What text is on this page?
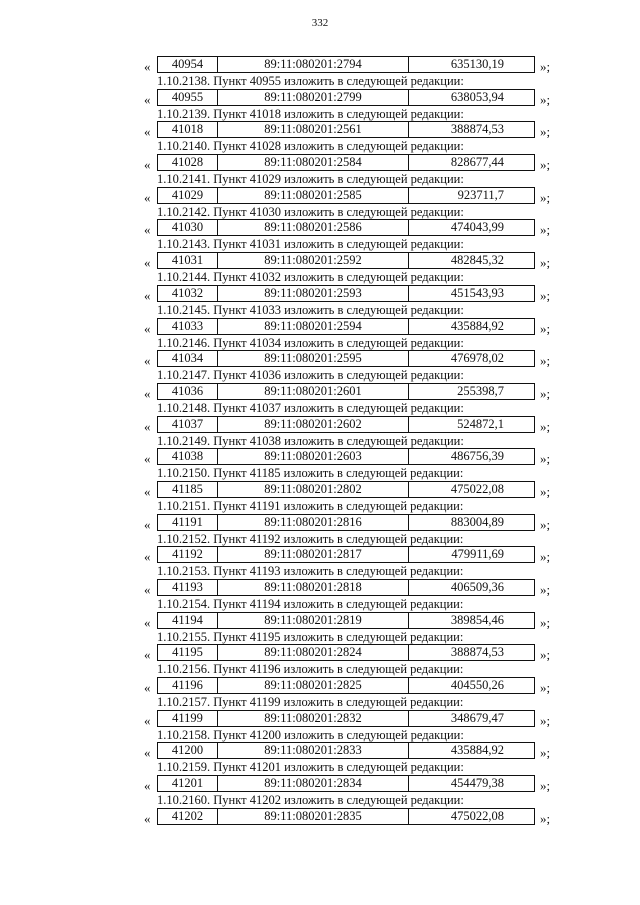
332
«	40954	89:11:080201:2794	635130,19	»;
1.10.2138. Пункт 40955 изложить в следующей редакции:
«	40955	89:11:080201:2799	638053,94	»;
1.10.2139. Пункт 41018 изложить в следующей редакции:
«	41018	89:11:080201:2561	388874,53	»;
1.10.2140. Пункт 41028 изложить в следующей редакции:
«	41028	89:11:080201:2584	828677,44	»;
1.10.2141. Пункт 41029 изложить в следующей редакции:
«	41029	89:11:080201:2585	923711,7	»;
1.10.2142. Пункт 41030 изложить в следующей редакции:
«	41030	89:11:080201:2586	474043,99	»;
1.10.2143. Пункт 41031 изложить в следующей редакции:
«	41031	89:11:080201:2592	482845,32	»;
1.10.2144. Пункт 41032 изложить в следующей редакции:
«	41032	89:11:080201:2593	451543,93	»;
1.10.2145. Пункт 41033 изложить в следующей редакции:
«	41033	89:11:080201:2594	435884,92	»;
1.10.2146. Пункт 41034 изложить в следующей редакции:
«	41034	89:11:080201:2595	476978,02	»;
1.10.2147. Пункт 41036 изложить в следующей редакции:
«	41036	89:11:080201:2601	255398,7	»;
1.10.2148. Пункт 41037 изложить в следующей редакции:
«	41037	89:11:080201:2602	524872,1	»;
1.10.2149. Пункт 41038 изложить в следующей редакции:
«	41038	89:11:080201:2603	486756,39	»;
1.10.2150. Пункт 41185 изложить в следующей редакции:
«	41185	89:11:080201:2802	475022,08	»;
1.10.2151. Пункт 41191 изложить в следующей редакции:
«	41191	89:11:080201:2816	883004,89	»;
1.10.2152. Пункт 41192 изложить в следующей редакции:
«	41192	89:11:080201:2817	479911,69	»;
1.10.2153. Пункт 41193 изложить в следующей редакции:
«	41193	89:11:080201:2818	406509,36	»;
1.10.2154. Пункт 41194 изложить в следующей редакции:
«	41194	89:11:080201:2819	389854,46	»;
1.10.2155. Пункт 41195 изложить в следующей редакции:
«	41195	89:11:080201:2824	388874,53	»;
1.10.2156. Пункт 41196 изложить в следующей редакции:
«	41196	89:11:080201:2825	404550,26	»;
1.10.2157. Пункт 41199 изложить в следующей редакции:
«	41199	89:11:080201:2832	348679,47	»;
1.10.2158. Пункт 41200 изложить в следующей редакции:
«	41200	89:11:080201:2833	435884,92	»;
1.10.2159. Пункт 41201 изложить в следующей редакции:
«	41201	89:11:080201:2834	454479,38	»;
1.10.2160. Пункт 41202 изложить в следующей редакции:
«	41202	89:11:080201:2835	475022,08	»;
